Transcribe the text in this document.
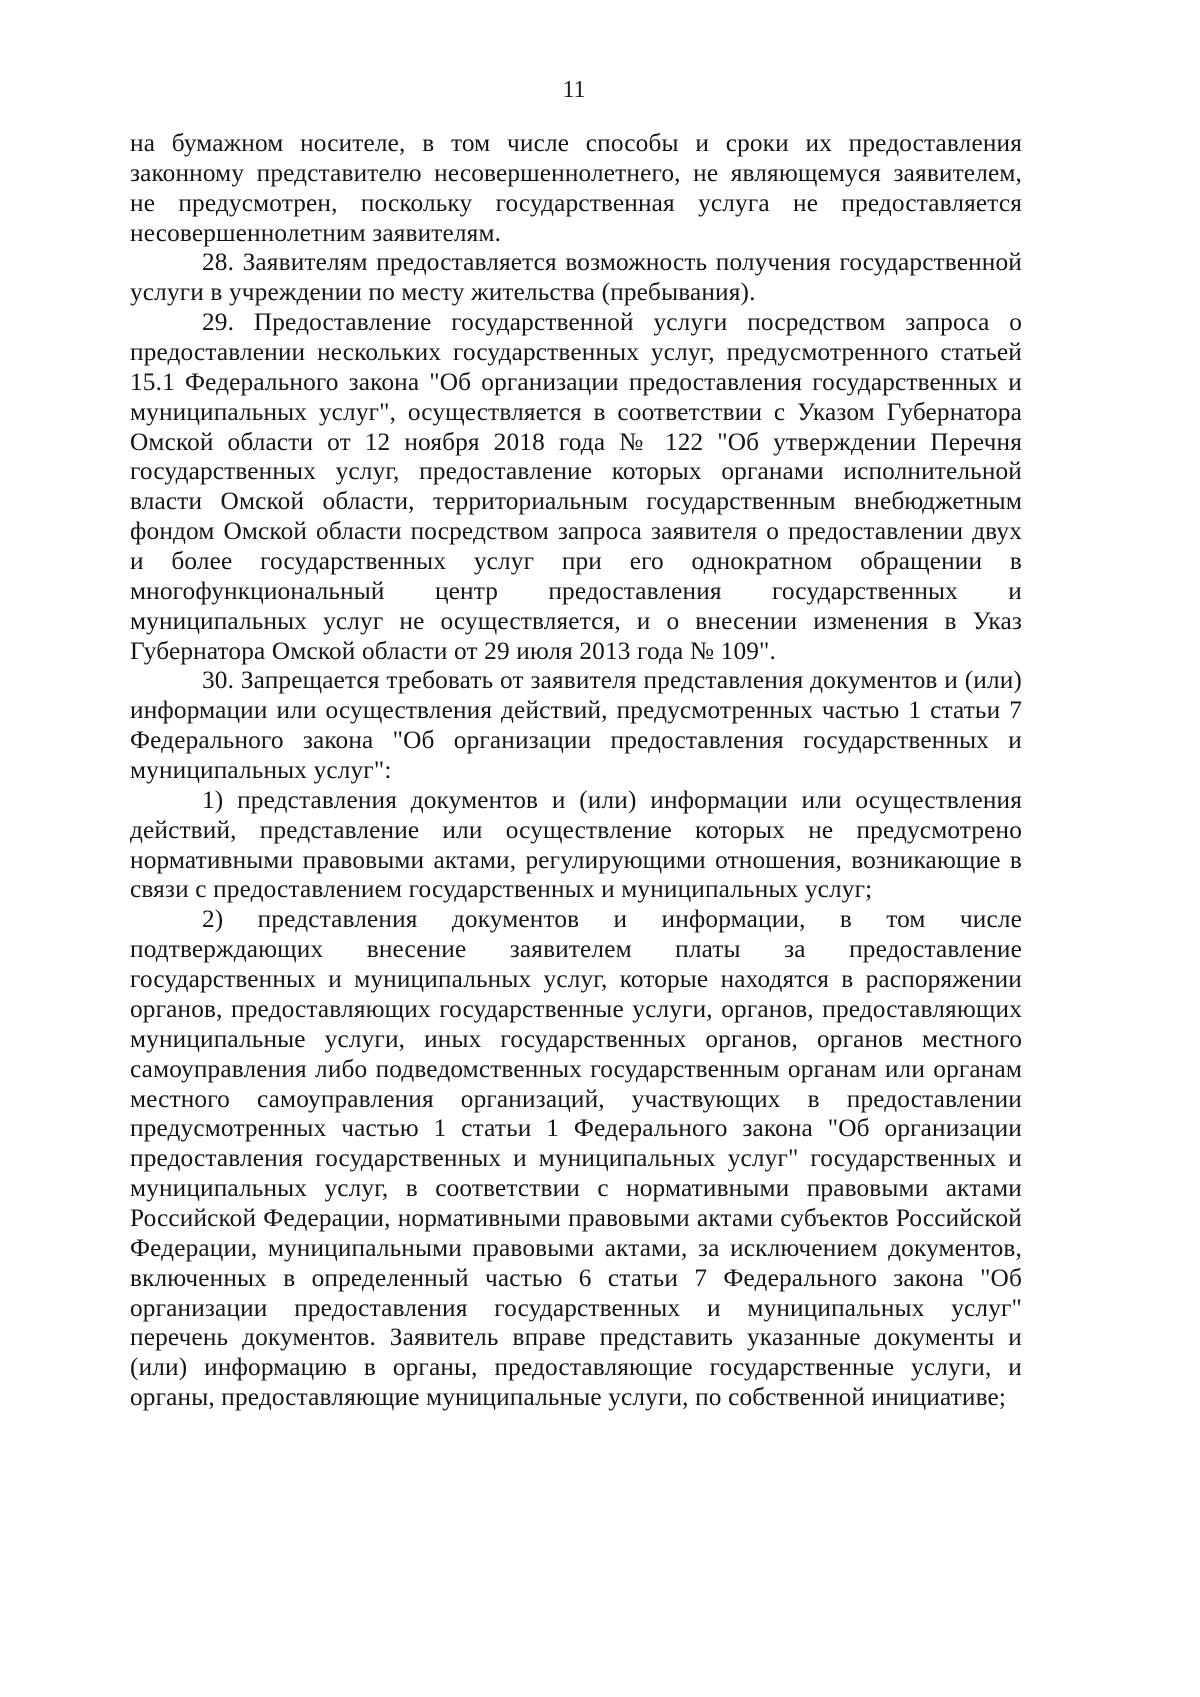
11

на бумажном носителе, в том числе способы и сроки их предоставления законному представителю несовершеннолетнего, не являющемуся заявителем, не предусмотрен, поскольку государственная услуга не предоставляется несовершеннолетним заявителям.

28. Заявителям предоставляется возможность получения государственной услуги в учреждении по месту жительства (пребывания).

29. Предоставление государственной услуги посредством запроса о предоставлении нескольких государственных услуг, предусмотренного статьей 15.1 Федерального закона "Об организации предоставления государственных и муниципальных услуг", осуществляется в соответствии с Указом Губернатора Омской области от 12 ноября 2018 года № 122 "Об утверждении Перечня государственных услуг, предоставление которых органами исполнительной власти Омской области, территориальным государственным внебюджетным фондом Омской области посредством запроса заявителя о предоставлении двух и более государственных услуг при его однократном обращении в многофункциональный центр предоставления государственных и муниципальных услуг не осуществляется, и о внесении изменения в Указ Губернатора Омской области от 29 июля 2013 года № 109".

30. Запрещается требовать от заявителя представления документов и (или) информации или осуществления действий, предусмотренных частью 1 статьи 7 Федерального закона "Об организации предоставления государственных и муниципальных услуг":

1) представления документов и (или) информации или осуществления действий, представление или осуществление которых не предусмотрено нормативными правовыми актами, регулирующими отношения, возникающие в связи с предоставлением государственных и муниципальных услуг;

2) представления документов и информации, в том числе подтверждающих внесение заявителем платы за предоставление государственных и муниципальных услуг, которые находятся в распоряжении органов, предоставляющих государственные услуги, органов, предоставляющих муниципальные услуги, иных государственных органов, органов местного самоуправления либо подведомственных государственным органам или органам местного самоуправления организаций, участвующих в предоставлении предусмотренных частью 1 статьи 1 Федерального закона "Об организации предоставления государственных и муниципальных услуг" государственных и муниципальных услуг, в соответствии с нормативными правовыми актами Российской Федерации, нормативными правовыми актами субъектов Российской Федерации, муниципальными правовыми актами, за исключением документов, включенных в определенный частью 6 статьи 7 Федерального закона "Об организации предоставления государственных и муниципальных услуг" перечень документов. Заявитель вправе представить указанные документы и (или) информацию в органы, предоставляющие государственные услуги, и органы, предоставляющие муниципальные услуги, по собственной инициативе;
